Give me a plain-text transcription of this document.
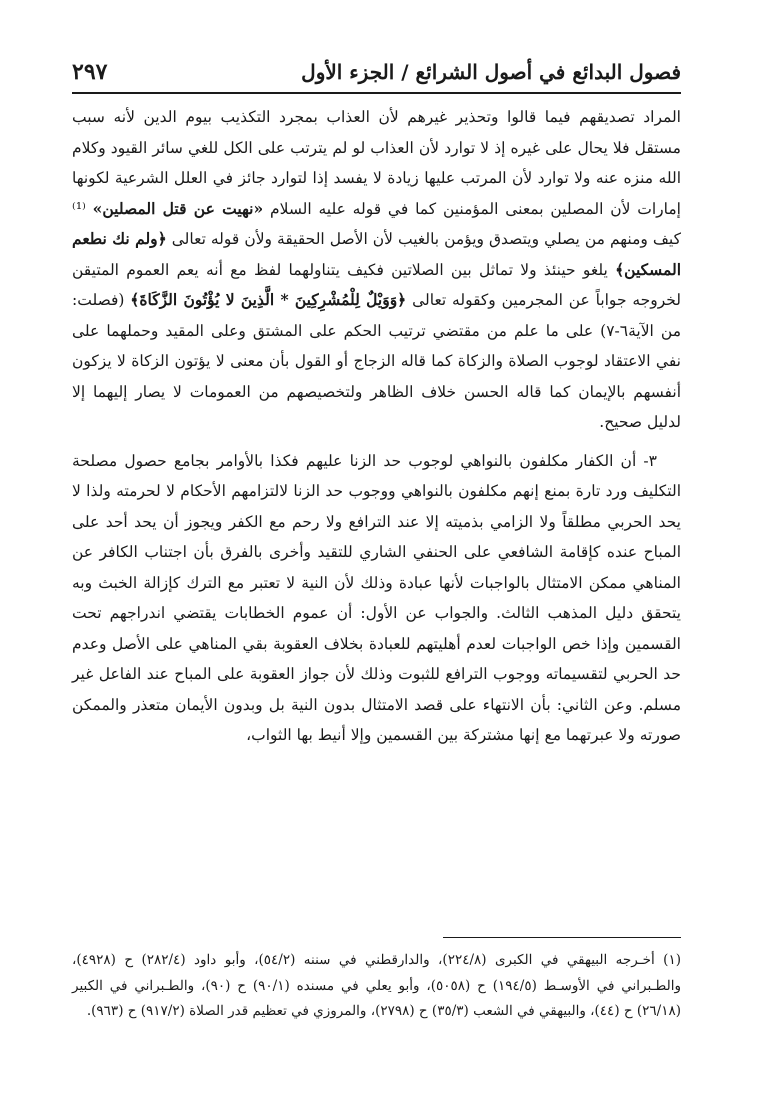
فصول البدائع في أصول الشرائع / الجزء الأول
٢٩٧

المراد تصديقهم فيما قالوا وتحذير غيرهم لأن العذاب بمجرد التكذيب بيوم الدين لأنه سبب مستقل فلا يحال على غيره إذ لا توارد لأن العذاب لو لم يترتب على الكل للغي سائر القيود وكلام الله منزه عنه ولا توارد لأن المرتب عليها زيادة لا يفسد إذا لتوارد جائز في العلل الشرعية لكونها إمارات لأن المصلين بمعنى المؤمنين كما في قوله عليه السلام «نهيت عن قتل المصلين» ⁽¹⁾ كيف ومنهم من يصلي ويتصدق ويؤمن بالغيب لأن الأصل الحقيقة ولأن قوله تعالى ﴿ولم نك نطعم المسكين﴾ يلغو حينئذ ولا تماثل بين الصلاتين فكيف يتناولهما لفظ مع أنه يعم العموم المتيقن لخروجه جواباً عن المجرمين وكقوله تعالى ﴿وَوَيْلٌ لِلْمُشْرِكِينَ * الَّذِينَ لا يُؤْتُونَ الزَّكَاةَ﴾ (فصلت: من الآية٦-٧) على ما علم من مقتضي ترتيب الحكم على المشتق وعلى المقيد وحملهما على نفي الاعتقاد لوجوب الصلاة والزكاة كما قاله الزجاج أو القول بأن معنى لا يؤتون الزكاة لا يزكون أنفسهم بالإيمان كما قاله الحسن خلاف الظاهر ولتخصيصهم من العمومات لا يصار إليهما إلا لدليل صحيح.

٣- أن الكفار مكلفون بالنواهي لوجوب حد الزنا عليهم فكذا بالأوامر بجامع حصول مصلحة التكليف ورد تارة بمنع إنهم مكلفون بالنواهي ووجوب حد الزنا لالتزامهم الأحكام لا لحرمته ولذا لا يحد الحربي مطلقاً ولا الزامي بذميته إلا عند الترافع ولا رحم مع الكفر ويجوز أن يحد أحد على المباح عنده كإقامة الشافعي على الحنفي الشاري للتقيد وأخرى بالفرق بأن اجتناب الكافر عن المناهي ممكن الامتثال بالواجبات لأنها عبادة وذلك لأن النية لا تعتبر مع الترك كإزالة الخبث وبه يتحقق دليل المذهب الثالث. والجواب عن الأول: أن عموم الخطابات يقتضي اندراجهم تحت القسمين وإذا خص الواجبات لعدم أهليتهم للعبادة بخلاف العقوبة بقي المناهي على الأصل وعدم حد الحربي لتقسيماته ووجوب الترافع للثبوت وذلك لأن جواز العقوبة على المباح عند الفاعل غير مسلم. وعن الثاني: بأن الانتهاء على قصد الامتثال بدون النية بل وبدون الأيمان متعذر والممكن صورته ولا عبرتهما مع إنها مشتركة بين القسمين وإلا أنيط بها الثواب،

(١) أخـرجه البيهقي في الكبرى (٢٢٤/٨)، والدارقطني في سننه (٥٤/٢)، وأبو داود (٢٨٢/٤) ح (٤٩٢٨)، والطـبراني في الأوسـط (١٩٤/٥) ح (٥٠٥٨)، وأبو يعلي في مسنده (٩٠/١) ح (٩٠)، والطـبراني في الكبير (٢٦/١٨) ح (٤٤)، والبيهقي في الشعب (٣٥/٣) ح (٢٧٩٨)، والمروزي في تعظيم قدر الصلاة (٩١٧/٢) ح (٩٦٣).
